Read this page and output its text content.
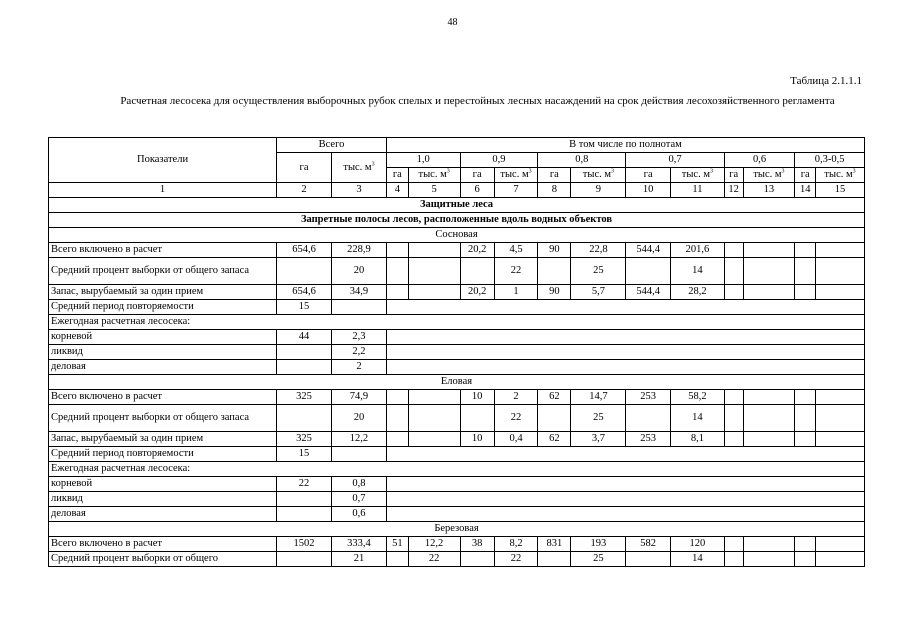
48
Таблица 2.1.1.1
Расчетная лесосека для осуществления выборочных рубок спелых и перестойных лесных насаждений на срок действия лесохозяйственного регламента
Показатели	Всего		В том числе по полнотам											
	га	тыс. $м^3$	1,0		0,9		0,8		0,7		0,6		0,3-0,5	
			га	тыс. $м^3$	га	тыс. $м^3$	га	тыс. $м^3$	га	тыс. $м^3$	га	тыс. $м^3$	га	тыс. $м^3$
1	2	3	4	5	6	7	8	9	10	11	12	13	14	15
Защитные леса														
Запретные полосы лесов, расположенные вдоль водных объектов														
Сосновая														
Всего включено в расчет	654,6	228,9			20,2	4,5	90	22,8	544,4	201,6				
Средний процент выборки от общего запаса		20				22		25		14				
Запас, вырубаемый за один прием	654,6	34,9			20,2	1	90	5,7	544,4	28,2				
Средний период повторяемости	15													
Ежегодная расчетная лесосека:														
корневой	44	2,3												
ликвид		2,2												
деловая		2												
Еловая														
Всего включено в расчет	325	74,9			10	2	62	14,7	253	58,2				
Средний процент выборки от общего запаса		20				22		25		14				
Запас, вырубаемый за один прием	325	12,2			10	0,4	62	3,7	253	8,1				
Средний период повторяемости	15													
Ежегодная расчетная лесосека:														
корневой	22	0,8												
ликвид		0,7												
деловая		0,6												
Березовая														
Всего включено в расчет	1502	333,4	51	12,2	38	8,2	831	193	582	120				
Средний процент выборки от общего		21		22		22		25		14				
